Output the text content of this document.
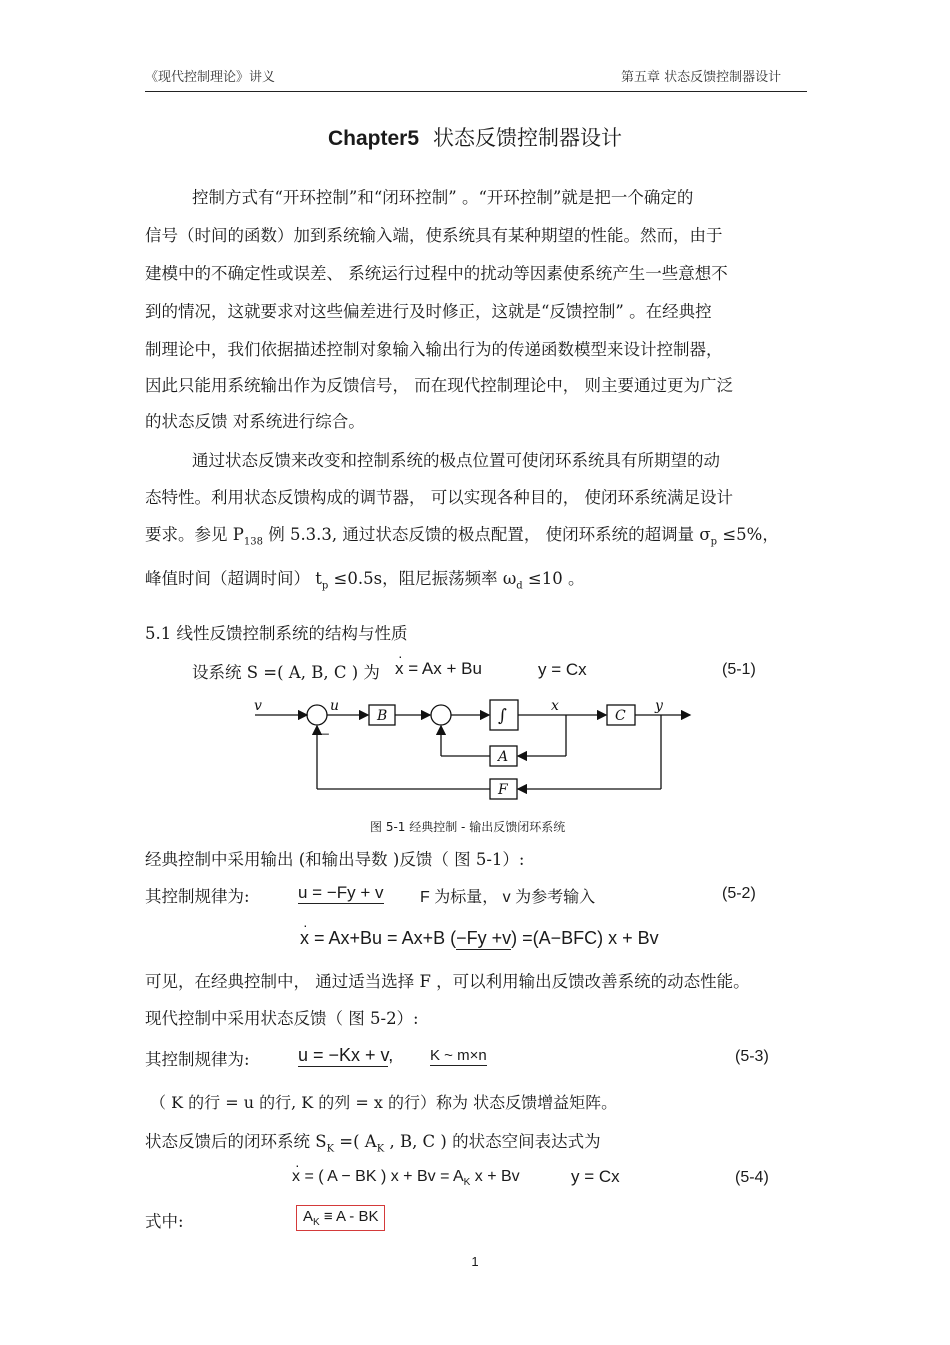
《现代控制理论》讲义	第五章 状态反馈控制器设计
Chapter5 状态反馈控制器设计
控制方式有“开环控制”和“闭环控制” 。“开环控制”就是把一个确定的
信号（时间的函数）加到系统输入端，使系统具有某种期望的性能。然而，由于
建模中的不确定性或误差、 系统运行过程中的扰动等因素使系统产生一些意想不
到的情况，这就要求对这些偏差进行及时修正，这就是“反馈控制” 。在经典控
制理论中，我们依据描述控制对象输入输出行为的传递函数模型来设计控制器，
因此只能用系统输出作为反馈信号， 而在现代控制理论中， 则主要通过更为广泛
的状态反馈 对系统进行综合。
通过状态反馈来改变和控制系统的极点位置可使闭环系统具有所期望的动
态特性。利用状态反馈构成的调节器， 可以实现各种目的， 使闭环系统满足设计
要求。参见 $P_{138}$ 例 5.3.3, 通过状态反馈的极点配置， 使闭环系统的超调量 $\sigma_p \le 5\%$，
峰值时间（超调时间） $t_p \le 0.5s$，阻尼振荡频率 $\omega_d \le 10$ 。
5.1 线性反馈控制系统的结构与性质
设系统 S =( A, B, C ) 为
· x = Ax + Bu	y = Cx	(5-1)
v	u	x	y
B	C
A
F
∫
−
图 5-1 经典控制 - 输出反馈闭环系统
经典控制中采用输出 (和输出导数 )反馈（ 图 5-1）:
其控制规律为:	u = −Fy + v F 为标量， v 为参考输入	(5-2)
· x = Ax+Bu = Ax+B (−Fy +v) =(A−BFC) x + Bv
可见，在经典控制中， 通过适当选择 F ，可以利用输出反馈改善系统的动态性能。
现代控制中采用状态反馈（ 图 5-2）:
其控制规律为:	u = −Kx + v, K ~ m×n	(5-3)
（ K 的行 = u 的行, K 的列 = x 的行）称为 状态反馈增益矩阵。
状态反馈后的闭环系统 $S_K$ =( $A_K$ , B, C ) 的状态空间表达式为
· x = ( A − BK ) $x + Bv = A_K$ x + Bv	y = Cx	(5-4)
式中:	$A_K \equiv A$ - BK
1
